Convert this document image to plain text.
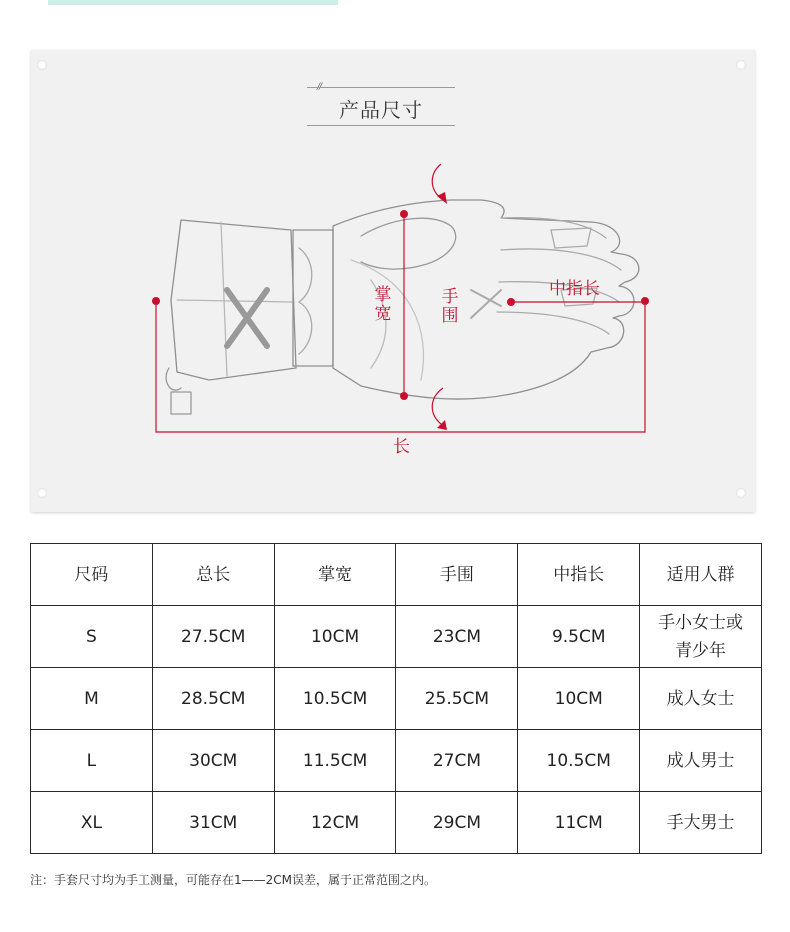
产品尺寸
掌宽
手围
中指长
长
尺码	总长	掌宽	手围	中指长	适用人群
S	27.5CM	10CM	23CM	9.5CM	手小女士或青少年
M	28.5CM	10.5CM	25.5CM	10CM	成人女士
L	30CM	11.5CM	27CM	10.5CM	成人男士
XL	31CM	12CM	29CM	11CM	手大男士
注：手套尺寸均为手工测量，可能存在1——2CM误差，属于正常范围之内。
